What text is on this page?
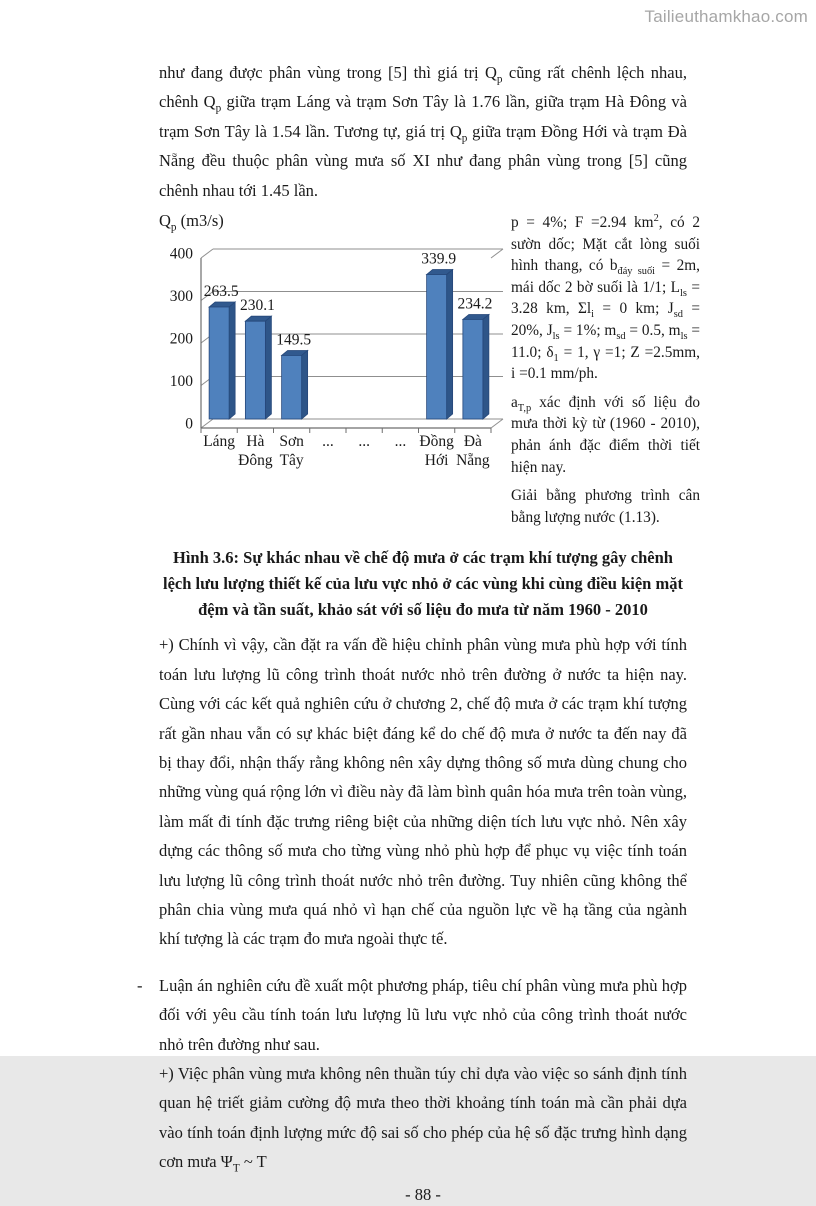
Tailieuthamkhao.com

như đang được phân vùng trong [5] thì giá trị $Q_p$ cũng rất chênh lệch nhau, chênh $Q_p$ giữa trạm Láng và trạm Sơn Tây là 1.76 lần, giữa trạm Hà Đông và trạm Sơn Tây là 1.54 lần. Tương tự, giá trị $Q_p$ giữa trạm Đồng Hới và trạm Đà Nẵng đều thuộc phân vùng mưa số XI như đang phân vùng trong [5] cũng chênh nhau tới 1.45 lần.

$Q_p$ (m3/s)
0
100
200
300
400
263.5
230.1
149.5
339.9
234.2
Láng Hà
Đông
Sơn
Tây
... ... ... Đồng
Hới
Đà
Nẵng

p = 4%; F =2.94 $km^2$, có 2 sườn dốc; Mặt cắt lòng suối hình thang, có $b_{đáy suối} = 2m$, mái dốc 2 bờ suối là 1/1; $L_{ls} = 3.28$ km, $\Sigma l_i = 0$ km; $J_{sd} = 20\%$, $J_{ls} = 1\%$; $m_{sd} = 0.5$, $m_{ls} = 11.0$; $\delta_1 = 1$, γ =1; Z =2.5mm, i =0.1 mm/ph.

$a_{T,p}$ xác định với số liệu đo mưa thời kỳ từ (1960 - 2010), phản ánh đặc điểm thời tiết hiện nay.

Giải bằng phương trình cân bằng lượng nước (1.13).

Hình 3.6: Sự khác nhau về chế độ mưa ở các trạm khí tượng gây chênh lệch lưu lượng thiết kế của lưu vực nhỏ ở các vùng khi cùng điều kiện mặt đệm và tần suất, khảo sát với số liệu đo mưa từ năm 1960 - 2010

+) Chính vì vậy, cần đặt ra vấn đề hiệu chỉnh phân vùng mưa phù hợp với tính toán lưu lượng lũ công trình thoát nước nhỏ trên đường ở nước ta hiện nay. Cùng với các kết quả nghiên cứu ở chương 2, chế độ mưa ở các trạm khí tượng rất gần nhau vẫn có sự khác biệt đáng kể do chế độ mưa ở nước ta đến nay đã bị thay đổi, nhận thấy rằng không nên xây dựng thông số mưa dùng chung cho những vùng quá rộng lớn vì điều này đã làm bình quân hóa mưa trên toàn vùng, làm mất đi tính đặc trưng riêng biệt của những diện tích lưu vực nhỏ. Nên xây dựng các thông số mưa cho từng vùng nhỏ phù hợp để phục vụ việc tính toán lưu lượng lũ công trình thoát nước nhỏ trên đường. Tuy nhiên cũng không thể phân chia vùng mưa quá nhỏ vì hạn chế của nguồn lực về hạ tầng của ngành khí tượng là các trạm đo mưa ngoài thực tế.

- Luận án nghiên cứu đề xuất một phương pháp, tiêu chí phân vùng mưa phù hợp đối với yêu cầu tính toán lưu lượng lũ lưu vực nhỏ của công trình thoát nước nhỏ trên đường như sau.

+) Việc phân vùng mưa không nên thuần túy chỉ dựa vào việc so sánh định tính quan hệ triết giảm cường độ mưa theo thời khoảng tính toán mà cần phải dựa vào tính toán định lượng mức độ sai số cho phép của hệ số đặc trưng hình dạng cơn mưa $\Psi_T$ ~ T

- 88 -
